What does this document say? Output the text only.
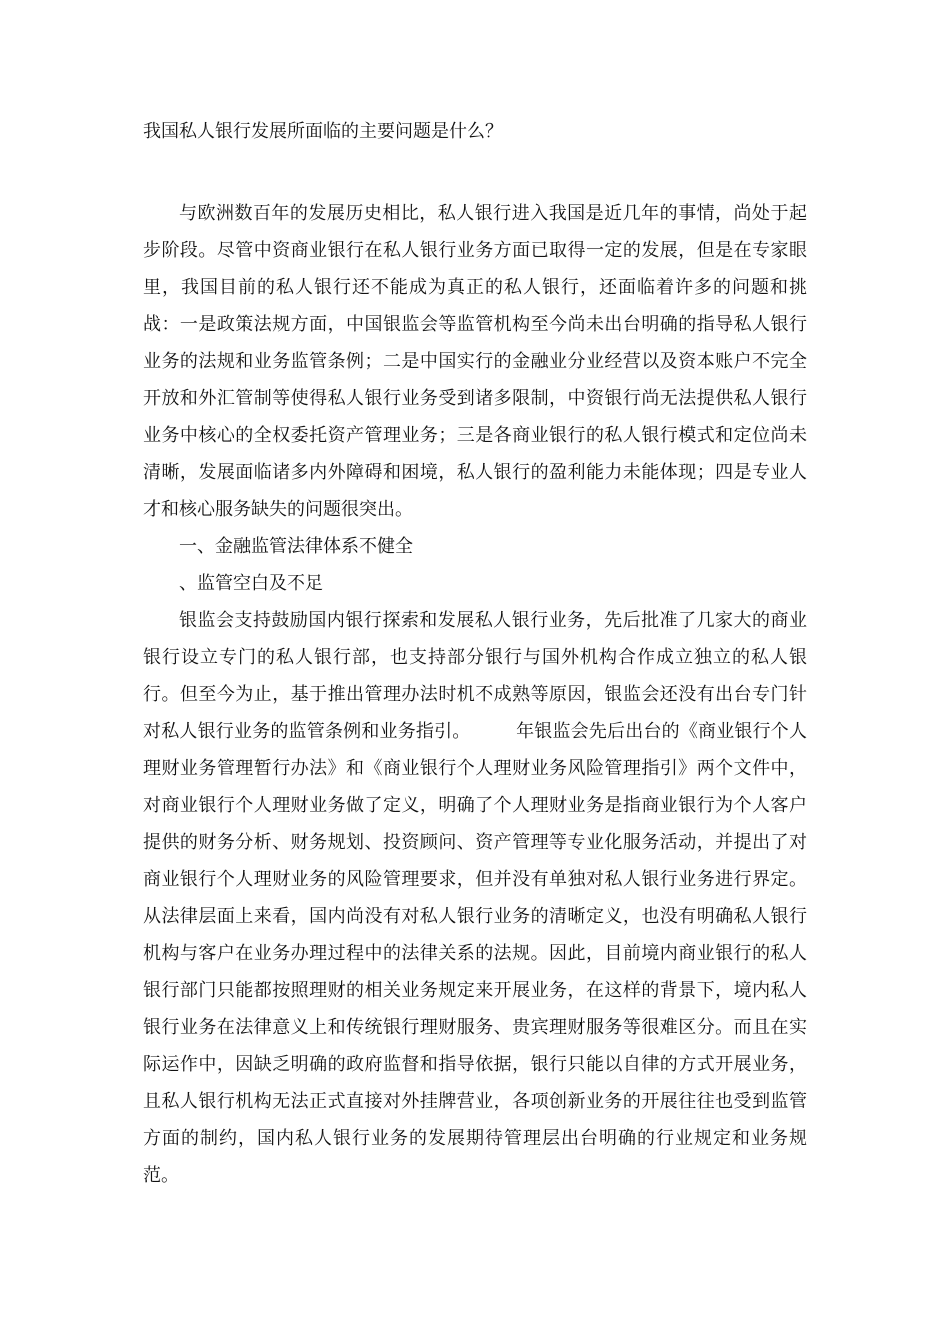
我国私人银行发展所面临的主要问题是什么？

与欧洲数百年的发展历史相比，私人银行进入我国是近几年的事情，尚处于起步阶段。尽管中资商业银行在私人银行业务方面已取得一定的发展，但是在专家眼里，我国目前的私人银行还不能成为真正的私人银行，还面临着许多的问题和挑战：一是政策法规方面，中国银监会等监管机构至今尚未出台明确的指导私人银行业务的法规和业务监管条例；二是中国实行的金融业分业经营以及资本账户不完全开放和外汇管制等使得私人银行业务受到诸多限制，中资银行尚无法提供私人银行业务中核心的全权委托资产管理业务；三是各商业银行的私人银行模式和定位尚未清晰，发展面临诸多内外障碍和困境，私人银行的盈利能力未能体现；四是专业人才和核心服务缺失的问题很突出。

一、金融监管法律体系不健全

、监管空白及不足

银监会支持鼓励国内银行探索和发展私人银行业务，先后批准了几家大的商业银行设立专门的私人银行部，也支持部分银行与国外机构合作成立独立的私人银行。但至今为止，基于推出管理办法时机不成熟等原因，银监会还没有出台专门针对私人银行业务的监管条例和业务指引。　　　年银监会先后出台的《商业银行个人理财业务管理暂行办法》和《商业银行个人理财业务风险管理指引》两个文件中，对商业银行个人理财业务做了定义，明确了个人理财业务是指商业银行为个人客户提供的财务分析、财务规划、投资顾问、资产管理等专业化服务活动，并提出了对商业银行个人理财业务的风险管理要求，但并没有单独对私人银行业务进行界定。从法律层面上来看，国内尚没有对私人银行业务的清晰定义，也没有明确私人银行机构与客户在业务办理过程中的法律关系的法规。因此，目前境内商业银行的私人银行部门只能都按照理财的相关业务规定来开展业务，在这样的背景下，境内私人银行业务在法律意义上和传统银行理财服务、贵宾理财服务等很难区分。而且在实际运作中，因缺乏明确的政府监督和指导依据，银行只能以自律的方式开展业务，且私人银行机构无法正式直接对外挂牌营业，各项创新业务的开展往往也受到监管方面的制约，国内私人银行业务的发展期待管理层出台明确的行业规定和业务规范。
